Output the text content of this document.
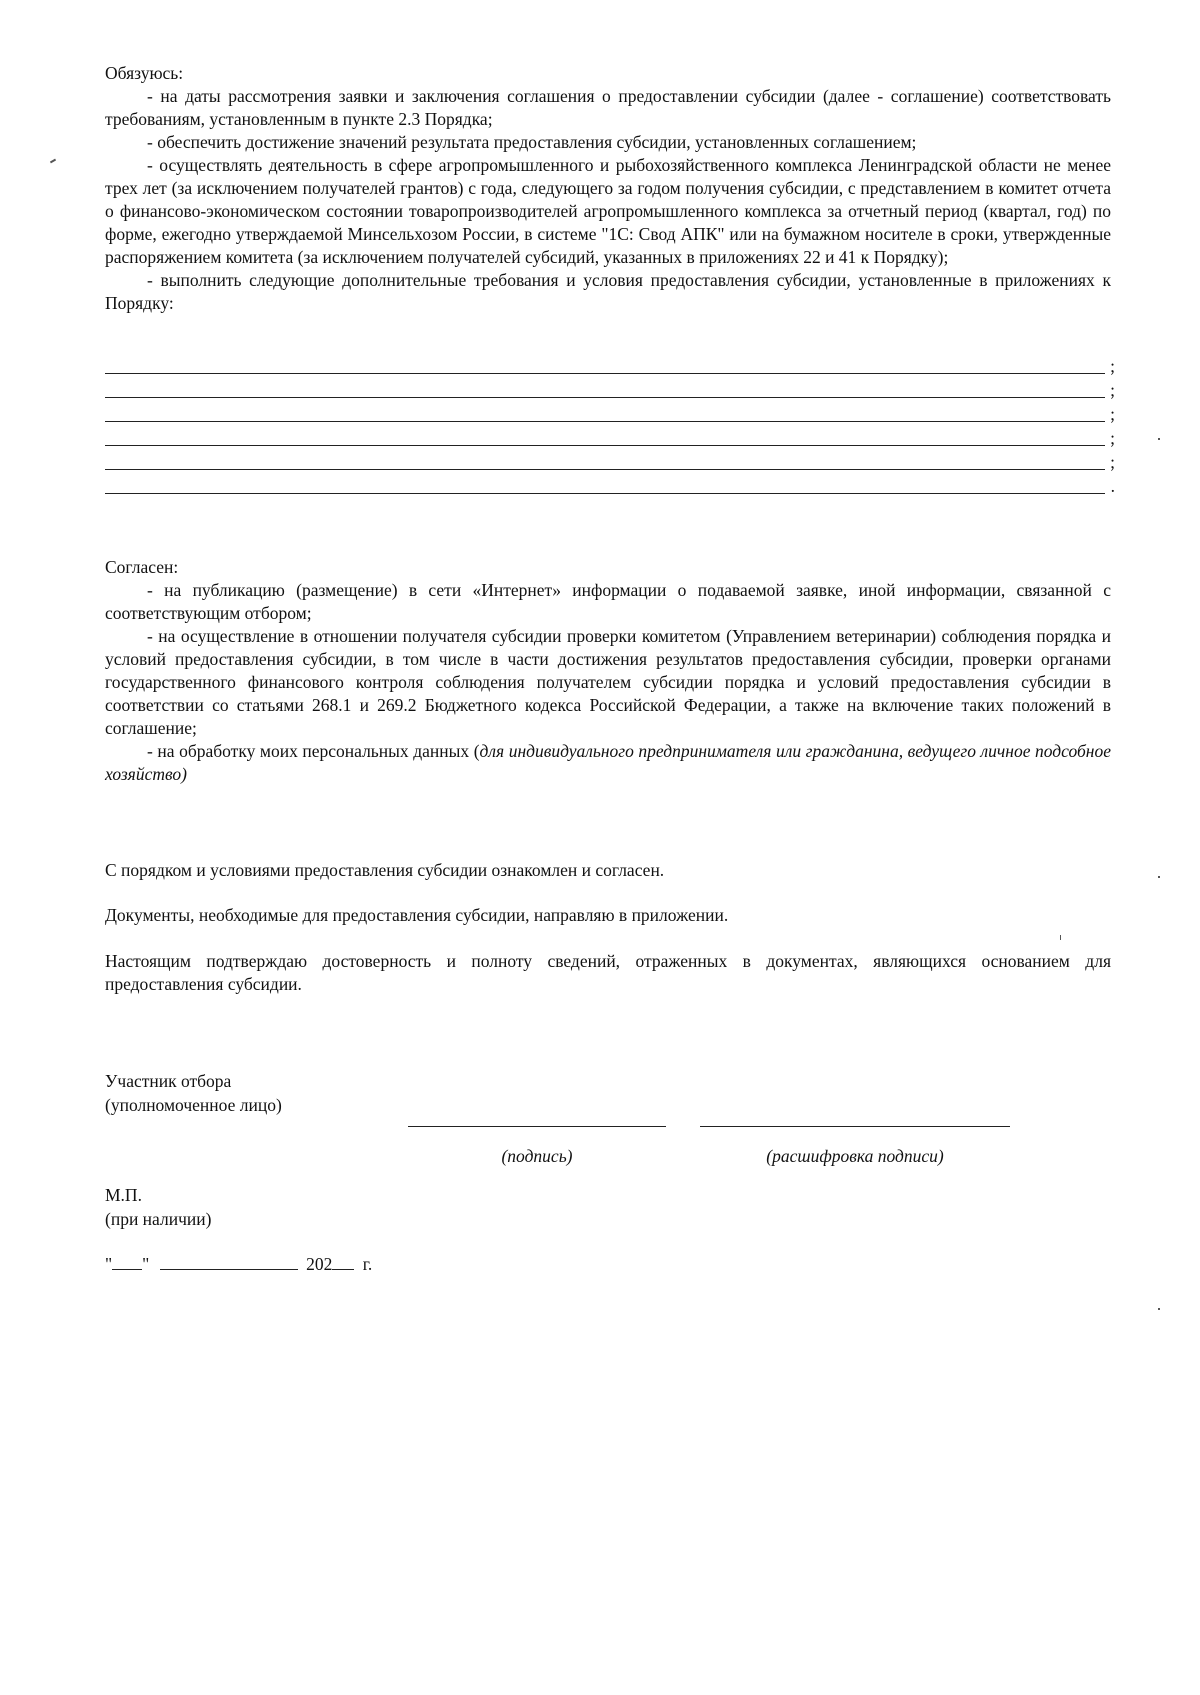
Обязуюсь:

- на даты рассмотрения заявки и заключения соглашения о предоставлении субсидии (далее - соглашение) соответствовать требованиям, установленным в пункте 2.3 Порядка;

- обеспечить достижение значений результата предоставления субсидии, установленных соглашением;

- осуществлять деятельность в сфере агропромышленного и рыбохозяйственного комплекса Ленинградской области не менее трех лет (за исключением получателей грантов) с года, следующего за годом получения субсидии, с представлением в комитет отчета о финансово-экономическом состоянии товаропроизводителей агропромышленного комплекса за отчетный период (квартал, год) по форме, ежегодно утверждаемой Минсельхозом России, в системе "1С: Свод АПК" или на бумажном носителе в сроки, утвержденные распоряжением комитета (за исключением получателей субсидий, указанных в приложениях 22 и 41 к Порядку);

- выполнить следующие дополнительные требования и условия предоставления субсидии, установленные в приложениях к Порядку:

;
;
;
;
;
.

Согласен:

- на публикацию (размещение) в сети «Интернет» информации о подаваемой заявке, иной информации, связанной с соответствующим отбором;

- на осуществление в отношении получателя субсидии проверки комитетом (Управлением ветеринарии) соблюдения порядка и условий предоставления субсидии, в том числе в части достижения результатов предоставления субсидии, проверки органами государственного финансового контроля соблюдения получателем субсидии порядка и условий предоставления субсидии в соответствии со статьями 268.1 и 269.2 Бюджетного кодекса Российской Федерации, а также на включение таких положений в соглашение;

- на обработку моих персональных данных (для индивидуального предпринимателя или гражданина, ведущего личное подсобное хозяйство)

С порядком и условиями предоставления субсидии ознакомлен и согласен.
Документы, необходимые для предоставления субсидии, направляю в приложении.
Настоящим подтверждаю достоверность и полноту сведений, отраженных в документах, являющихся основанием для предоставления субсидии.
Участник отбора
(уполномоченное лицо)
(подпись)	(расшифровка подписи)
М.П.
(при наличии)
" "	202 г.
